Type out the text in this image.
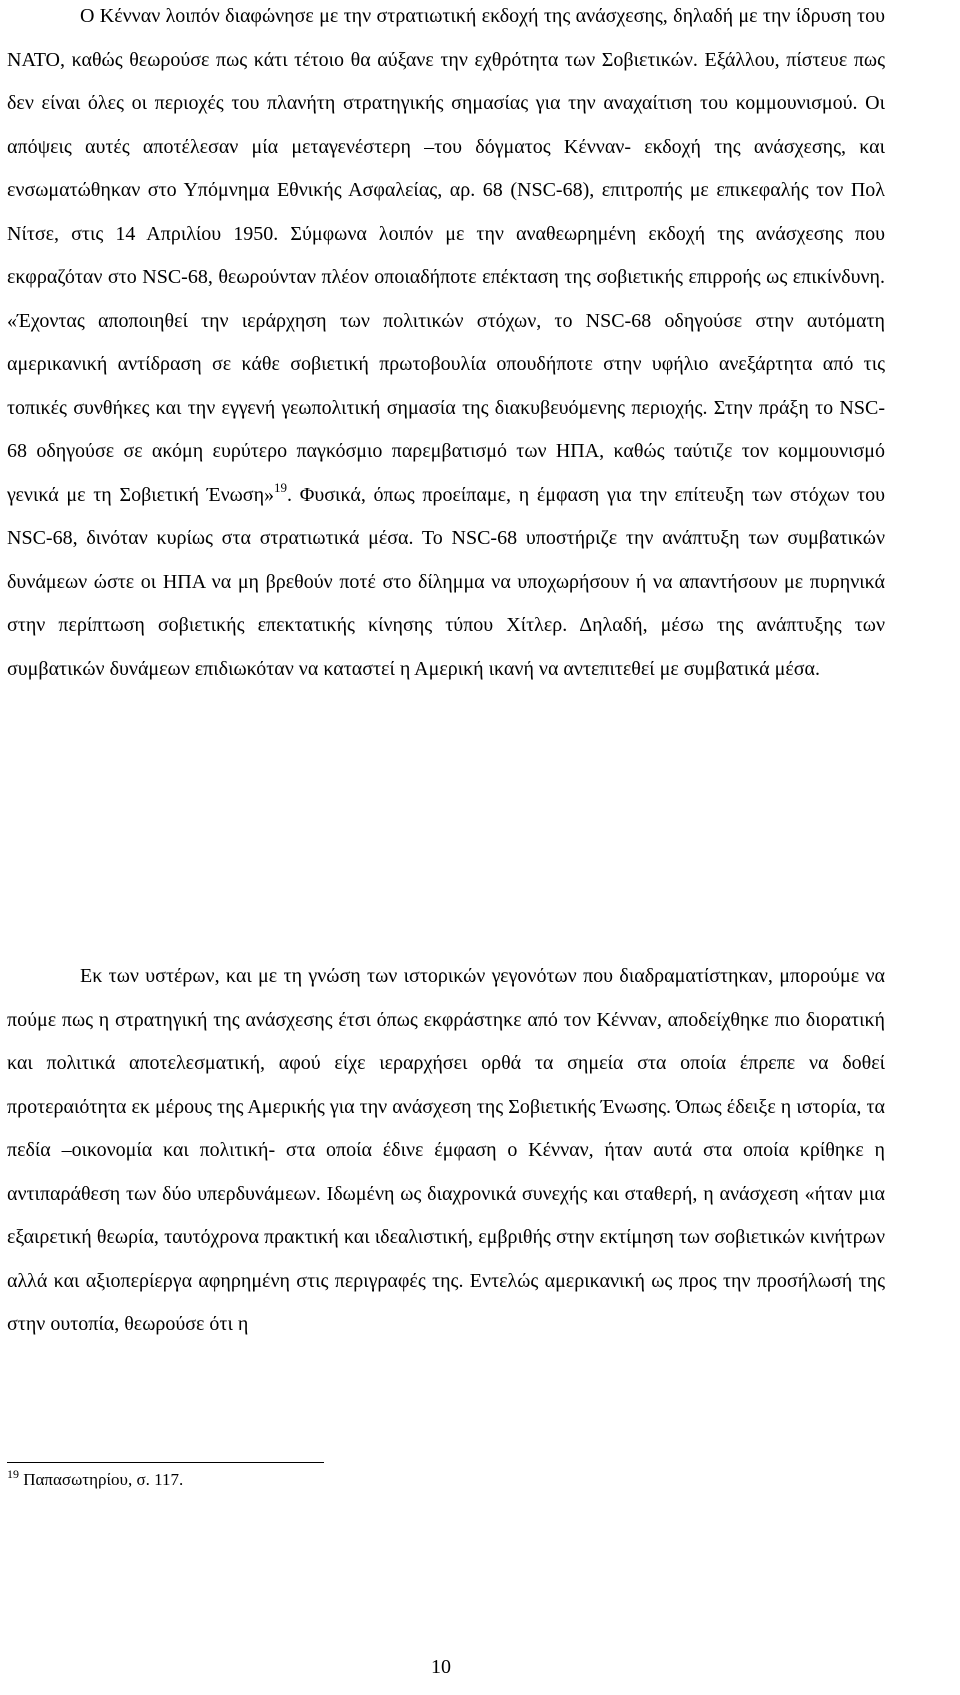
Ο Κένναν λοιπόν διαφώνησε με την στρατιωτική εκδοχή της ανάσχεσης, δηλαδή με την ίδρυση του ΝΑΤΟ, καθώς θεωρούσε πως κάτι τέτοιο θα αύξανε την εχθρότητα των Σοβιετικών. Εξάλλου, πίστευε πως δεν είναι όλες οι περιοχές του πλανήτη στρατηγικής σημασίας για την αναχαίτιση του κομμουνισμού. Οι απόψεις αυτές αποτέλεσαν μία μεταγενέστερη –του δόγματος Κένναν- εκδοχή της ανάσχεσης, και ενσωματώθηκαν στο Υπόμνημα Εθνικής Ασφαλείας, αρ. 68 (NSC-68), επιτροπής με επικεφαλής τον Πολ Νίτσε, στις 14 Απριλίου 1950. Σύμφωνα λοιπόν με την αναθεωρημένη εκδοχή της ανάσχεσης που εκφραζόταν στο NSC-68, θεωρούνταν πλέον οποιαδήποτε επέκταση της σοβιετικής επιρροής ως επικίνδυνη. «Έχοντας αποποιηθεί την ιεράρχηση των πολιτικών στόχων, το NSC-68 οδηγούσε στην αυτόματη αμερικανική αντίδραση σε κάθε σοβιετική πρωτοβουλία οπουδήποτε στην υφήλιο ανεξάρτητα από τις τοπικές συνθήκες και την εγγενή γεωπολιτική σημασία της διακυβευόμενης περιοχής. Στην πράξη το NSC-68 οδηγούσε σε ακόμη ευρύτερο παγκόσμιο παρεμβατισμό των ΗΠΑ, καθώς ταύτιζε τον κομμουνισμό γενικά με τη Σοβιετική Ένωση»$^{19}$. Φυσικά, όπως προείπαμε, η έμφαση για την επίτευξη των στόχων του NSC-68, δινόταν κυρίως στα στρατιωτικά μέσα. Το NSC-68 υποστήριζε την ανάπτυξη των συμβατικών δυνάμεων ώστε οι ΗΠΑ να μη βρεθούν ποτέ στο δίλημμα να υποχωρήσουν ή να απαντήσουν με πυρηνικά στην περίπτωση σοβιετικής επεκτατικής κίνησης τύπου Χίτλερ. Δηλαδή, μέσω της ανάπτυξης των συμβατικών δυνάμεων επιδιωκόταν να καταστεί η Αμερική ικανή να αντεπιτεθεί με συμβατικά μέσα.

Εκ των υστέρων, και με τη γνώση των ιστορικών γεγονότων που διαδραματίστηκαν, μπορούμε να πούμε πως η στρατηγική της ανάσχεσης έτσι όπως εκφράστηκε από τον Κένναν, αποδείχθηκε πιο διορατική και πολιτικά αποτελεσματική, αφού είχε ιεραρχήσει ορθά τα σημεία στα οποία έπρεπε να δοθεί προτεραιότητα εκ μέρους της Αμερικής για την ανάσχεση της Σοβιετικής Ένωσης. Όπως έδειξε η ιστορία, τα πεδία –οικονομία και πολιτική- στα οποία έδινε έμφαση ο Κένναν, ήταν αυτά στα οποία κρίθηκε η αντιπαράθεση των δύο υπερδυνάμεων. Ιδωμένη ως διαχρονικά συνεχής και σταθερή, η ανάσχεση «ήταν μια εξαιρετική θεωρία, ταυτόχρονα πρακτική και ιδεαλιστική, εμβριθής στην εκτίμηση των σοβιετικών κινήτρων αλλά και αξιοπερίεργα αφηρημένη στις περιγραφές της. Εντελώς αμερικανική ως προς την προσήλωσή της στην ουτοπία, θεωρούσε ότι η

$^{19}$ Παπασωτηρίου, σ. 117.
10
